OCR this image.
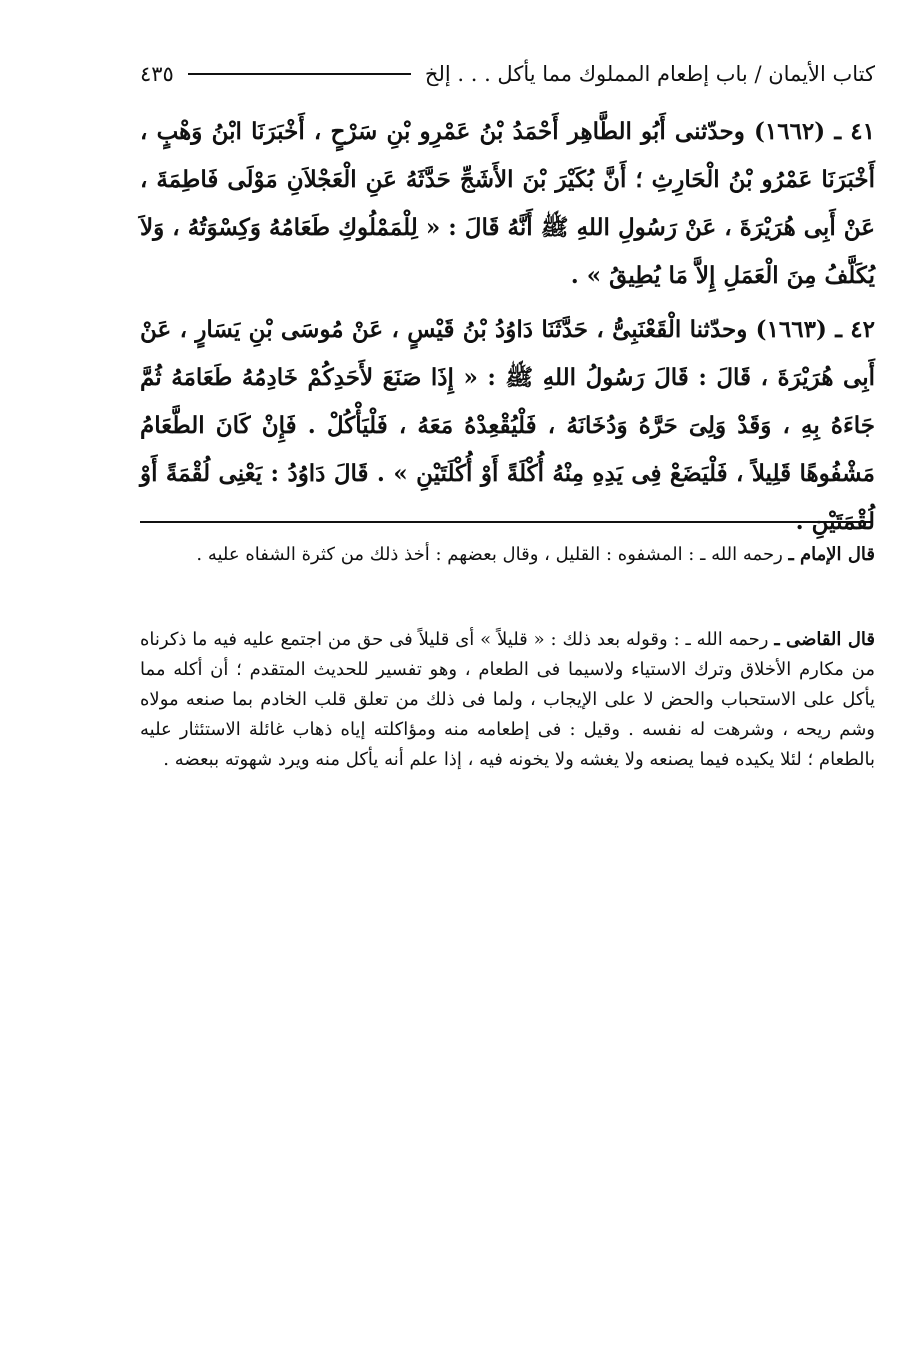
كتاب الأيمان / باب إطعام المملوك مما يأكل . . . إلخ
٤٣٥
٤١ ـ (١٦٦٢) وحدّثنى أَبُو الطَّاهِر أَحْمَدُ بْنُ عَمْرِو بْنِ سَرْحٍ ، أَخْبَرَنَا ابْنُ وَهْبٍ ، أَخْبَرَنَا عَمْرُو بْنُ الْحَارِثِ ؛ أَنَّ بُكَيْرَ بْنَ الأَشَجِّ حَدَّثَهُ عَنِ الْعَجْلاَنِ مَوْلَى فَاطِمَةَ ، عَنْ أَبِى هُرَيْرَةَ ، عَنْ رَسُولِ اللهِ ﷺ أَنَّهُ قَالَ : « لِلْمَمْلُوكِ طَعَامُهُ وَكِسْوَتُهُ ، وَلاَ يُكَلَّفُ مِنَ الْعَمَلِ إِلاَّ مَا يُطِيقُ » .
٤٢ ـ (١٦٦٣) وحدّثنا الْقَعْنَبِىُّ ، حَدَّثَنَا دَاوُدُ بْنُ قَيْسٍ ، عَنْ مُوسَى بْنِ يَسَارٍ ، عَنْ أَبِى هُرَيْرَةَ ، قَالَ : قَالَ رَسُولُ اللهِ ﷺ : « إِذَا صَنَعَ لأَحَدِكُمْ خَادِمُهُ طَعَامَهُ ثُمَّ جَاءَهُ بِهِ ، وَقَدْ وَلِىَ حَرَّهُ وَدُخَانَهُ ، فَلْيُقْعِدْهُ مَعَهُ ، فَلْيَأْكُلْ . فَإِنْ كَانَ الطَّعَامُ مَشْفُوهًا قَلِيلاً ، فَلْيَضَعْ فِى يَدِهِ مِنْهُ أُكْلَةً أَوْ أُكْلَتَيْنِ » . قَالَ دَاوُدُ : يَعْنِى لُقْمَةً أَوْ لُقْمَتَيْنِ .
قال الإمام ـ رحمه الله ـ : المشفوه : القليل ، وقال بعضهم : أخذ ذلك من كثرة الشفاه عليه .
قال القاضى ـ رحمه الله ـ : وقوله بعد ذلك : « قليلاً » أى قليلاً فى حق من اجتمع عليه فيه ما ذكرناه من مكارم الأخلاق وترك الاستياء ولاسيما فى الطعام ، وهو تفسير للحديث المتقدم ؛ أن أكله مما يأكل على الاستحباب والحض لا على الإيجاب ، ولما فى ذلك من تعلق قلب الخادم بما صنعه مولاه وشم ريحه ، وشرهت له نفسه . وقيل : فى إطعامه منه ومؤاكلته إياه ذهاب غائلة الاستئثار عليه بالطعام ؛ لئلا يكيده فيما يصنعه ولا يغشه ولا يخونه فيه ، إذا علم أنه يأكل منه ويرد شهوته ببعضه .
